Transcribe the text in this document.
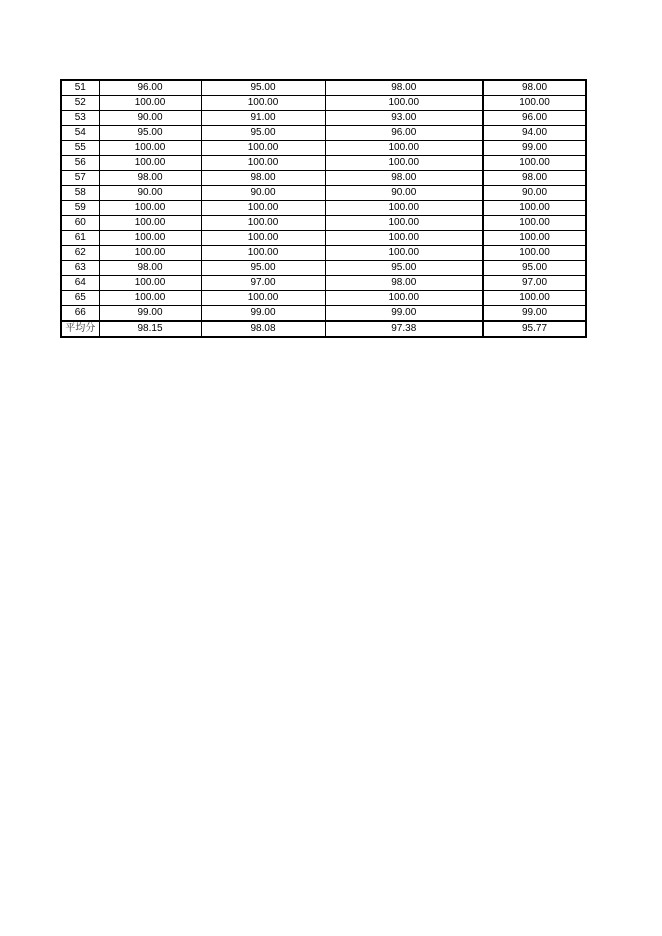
51	96.00	95.00	98.00	98.00
52	100.00	100.00	100.00	100.00
53	90.00	91.00	93.00	96.00
54	95.00	95.00	96.00	94.00
55	100.00	100.00	100.00	99.00
56	100.00	100.00	100.00	100.00
57	98.00	98.00	98.00	98.00
58	90.00	90.00	90.00	90.00
59	100.00	100.00	100.00	100.00
60	100.00	100.00	100.00	100.00
61	100.00	100.00	100.00	100.00
62	100.00	100.00	100.00	100.00
63	98.00	95.00	95.00	95.00
64	100.00	97.00	98.00	97.00
65	100.00	100.00	100.00	100.00
66	99.00	99.00	99.00	99.00
平均分	98.15	98.08	97.38	95.77
